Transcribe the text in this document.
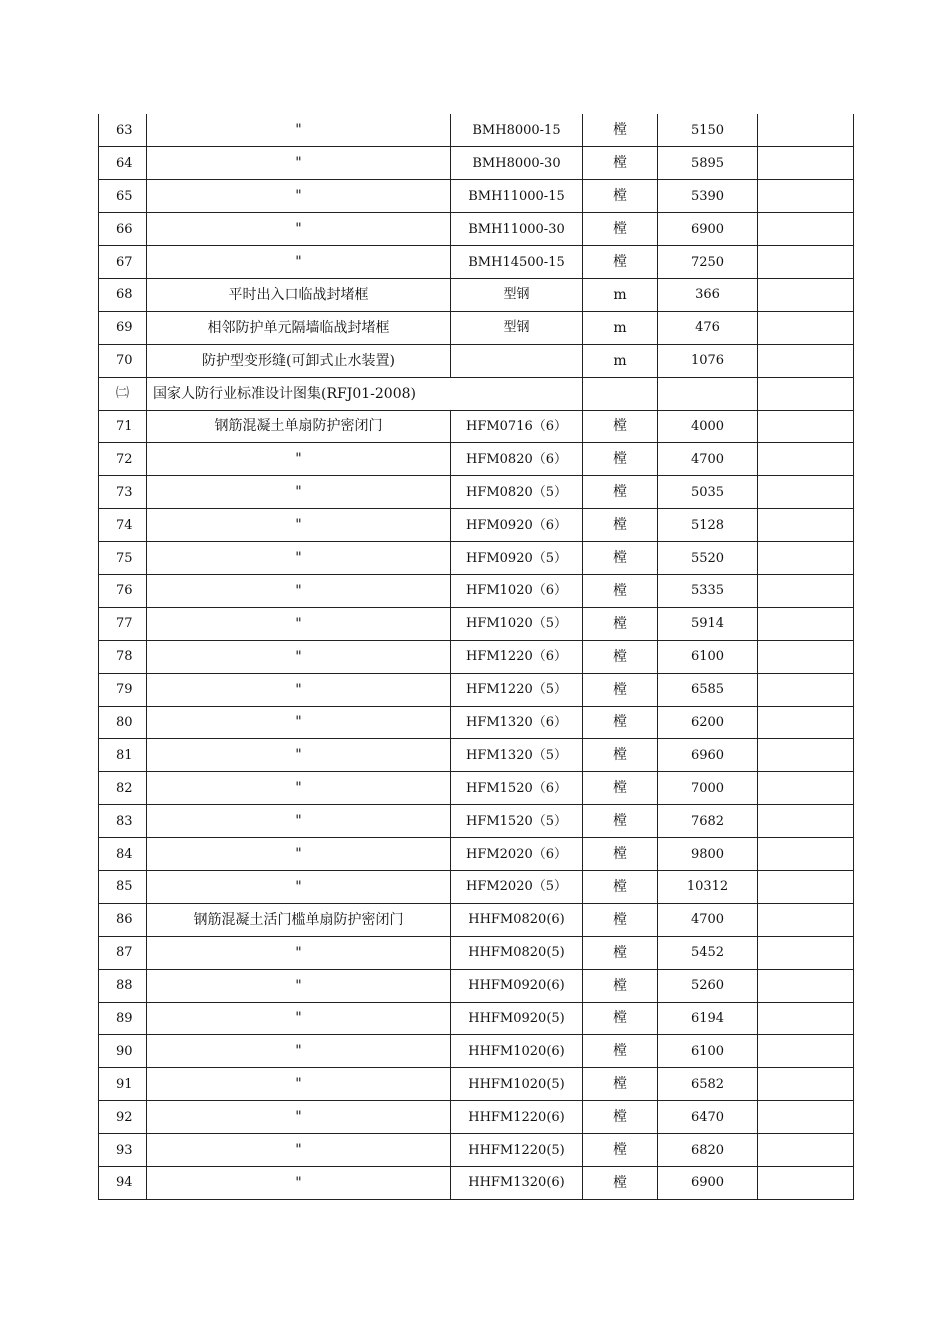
63	"	BMH8000-15	樘	5150	
64	"	BMH8000-30	樘	5895	
65	"	BMH11000-15	樘	5390	
66	"	BMH11000-30	樘	6900	
67	"	BMH14500-15	樘	7250	
68	平时出入口临战封堵框	型钢	m	366	
69	相邻防护单元隔墙临战封堵框	型钢	m	476	
70	防护型变形缝(可卸式止水装置)		m	1076	
㈡	国家人防行业标准设计图集(RFJ01-2008)				
71	钢筋混凝土单扇防护密闭门	HFM0716（6）	樘	4000	
72	"	HFM0820（6）	樘	4700	
73	"	HFM0820（5）	樘	5035	
74	"	HFM0920（6）	樘	5128	
75	"	HFM0920（5）	樘	5520	
76	"	HFM1020（6）	樘	5335	
77	"	HFM1020（5）	樘	5914	
78	"	HFM1220（6）	樘	6100	
79	"	HFM1220（5）	樘	6585	
80	"	HFM1320（6）	樘	6200	
81	"	HFM1320（5）	樘	6960	
82	"	HFM1520（6）	樘	7000	
83	"	HFM1520（5）	樘	7682	
84	"	HFM2020（6）	樘	9800	
85	"	HFM2020（5）	樘	10312	
86	钢筋混凝土活门槛单扇防护密闭门	HHFM0820(6)	樘	4700	
87	"	HHFM0820(5)	樘	5452	
88	"	HHFM0920(6)	樘	5260	
89	"	HHFM0920(5)	樘	6194	
90	"	HHFM1020(6)	樘	6100	
91	"	HHFM1020(5)	樘	6582	
92	"	HHFM1220(6)	樘	6470	
93	"	HHFM1220(5)	樘	6820	
94	"	HHFM1320(6)	樘	6900	
